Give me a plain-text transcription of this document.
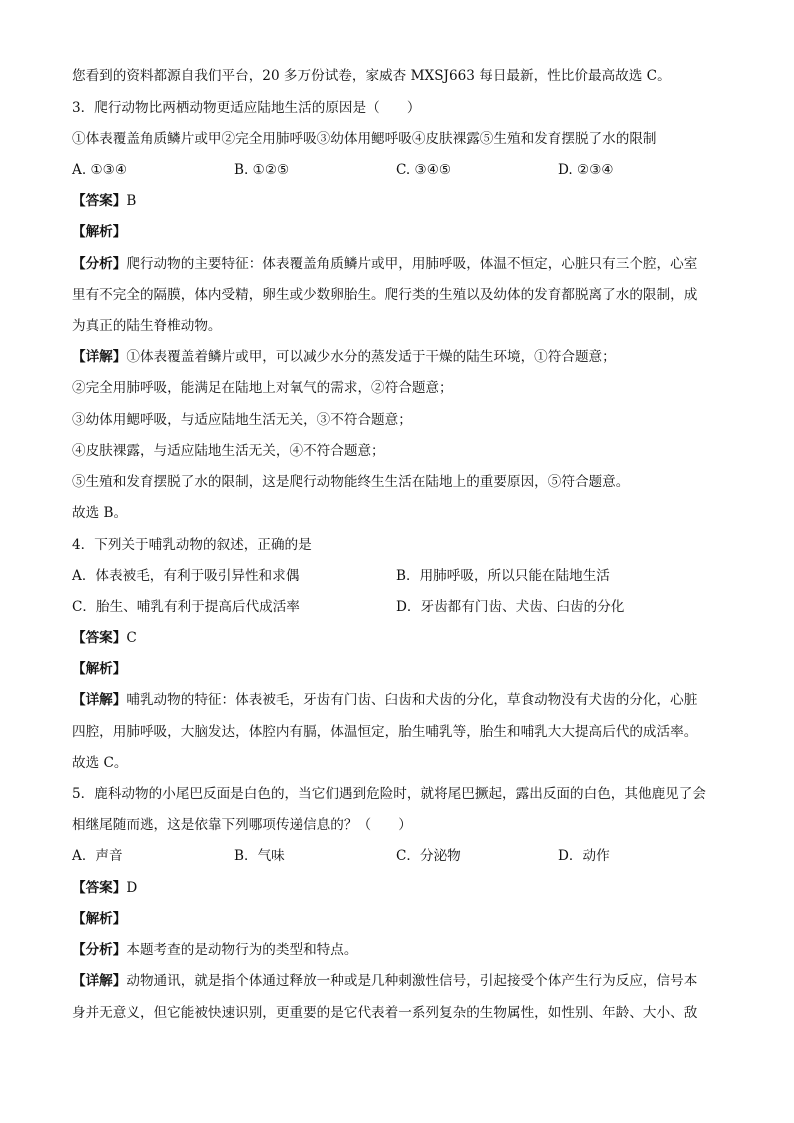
您看到的资料都源自我们平台，20 多万份试卷，家威杏 MXSJ663 每日最新，性比价最高故选 C。
3．爬行动物比两栖动物更适应陆地生活的原因是（　　）
①体表覆盖角质鳞片或甲②完全用肺呼吸③幼体用鳃呼吸④皮肤裸露⑤生殖和发育摆脱了水的限制
A. ①③④	B. ①②⑤	C. ③④⑤	D. ②③④
【答案】B
【解析】
【分析】爬行动物的主要特征：体表覆盖角质鳞片或甲，用肺呼吸，体温不恒定，心脏只有三个腔，心室
里有不完全的隔膜，体内受精，卵生或少数卵胎生。爬行类的生殖以及幼体的发育都脱离了水的限制，成
为真正的陆生脊椎动物。
【详解】①体表覆盖着鳞片或甲，可以减少水分的蒸发适于干燥的陆生环境，①符合题意；
②完全用肺呼吸，能满足在陆地上对氧气的需求，②符合题意；
③幼体用鳃呼吸，与适应陆地生活无关，③不符合题意；
④皮肤裸露，与适应陆地生活无关，④不符合题意；
⑤生殖和发育摆脱了水的限制，这是爬行动物能终生生活在陆地上的重要原因，⑤符合题意。
故选 B。
4．下列关于哺乳动物的叙述，正确的是
A．体表被毛，有利于吸引异性和求偶	B．用肺呼吸，所以只能在陆地生活
C．胎生、哺乳有利于提高后代成活率	D．牙齿都有门齿、犬齿、臼齿的分化
【答案】C
【解析】
【详解】哺乳动物的特征：体表被毛，牙齿有门齿、臼齿和犬齿的分化，草食动物没有犬齿的分化，心脏
四腔，用肺呼吸，大脑发达，体腔内有膈，体温恒定，胎生哺乳等，胎生和哺乳大大提高后代的成活率。
故选 C。
5．鹿科动物的小尾巴反面是白色的，当它们遇到危险时，就将尾巴撅起，露出反面的白色，其他鹿见了会
相继尾随而逃，这是依靠下列哪项传递信息的？（　　）
A．声音	B．气味	C．分泌物	D．动作
【答案】D
【解析】
【分析】本题考查的是动物行为的类型和特点。
【详解】动物通讯，就是指个体通过释放一种或是几种刺激性信号，引起接受个体产生行为反应，信号本
身并无意义，但它能被快速识别，更重要的是它代表着一系列复杂的生物属性，如性别、年龄、大小、敌
